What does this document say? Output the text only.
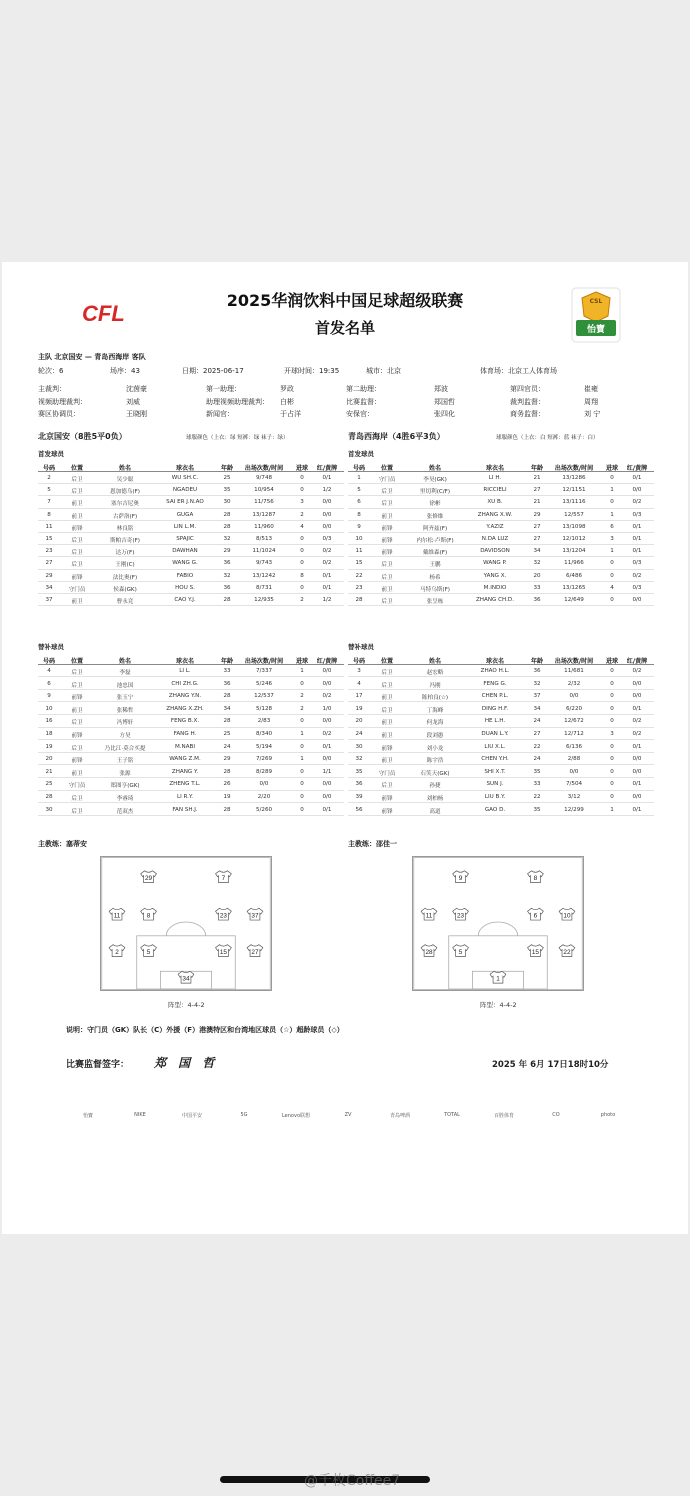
CFL
2025华润饮料中国足球超级联赛
首发名单
CSL
怡寶
主队 北京国安 — 青岛西海岸 客队
轮次：6	场序：43	日期：2025-06-17	开球时间：19:35	城市：北京	体育场：北京工人体育场
主裁判：	沈茵豪	第一助理：	罗政	第二助理：	郑波	第四官员：	崔雍
视频助理裁判：	刘威	助理视频助理裁判： 白彬	比赛监督：	郑国哲	裁判监督：	周翔
赛区协调员：	王晓刚	新闻官：	于占洋	安保官：	张四化	商务监督：	刘 宁
北京国安（8胜5平0负）	球服颜色（上衣：绿 短裤：绿 袜子：绿）
首发球员
青岛西海岸（4胜6平3负）	球服颜色（上衣：白 短裤：蓝 袜子：白）
首发球员
替补球员	替补球员
号码	位置	姓名	球衣名	年龄	出场次数/时间	进球	红/黄牌
2	后卫	吴少聪	WU SH.C.	25	9/748	0	0/1
5	后卫	恩加德乌(F)	NGADEU	35	10/954	0	1/2
7	前卫	塞尔吉尼奥	SAI ER J.N.AO	30	11/756	3	0/0
8	前卫	古萨洛(F)	GUGA	28	13/1287	2	0/0
11	前锋	林良铭	LIN L.M.	28	11/960	4	0/0
15	后卫	斯帕吉奇(F)	SPAJIC	32	8/513	0	0/3
23	后卫	达万(F)	DAWHAN	29	11/1024	0	0/2
27	后卫	王刚(C)	WANG G.	36	9/743	0	0/2
29	前锋	法比奥(F)	FABIO	32	13/1242	8	0/1
34	守门员	侯森(GK)	HOU S.	36	8/731	0	0/1
37	前卫	曹永竞	CAO Y.J.	28	12/935	2	1/2
号码	位置	姓名	球衣名	年龄	出场次数/时间	进球	红/黄牌
4	后卫	李磊	LI L.	33	7/337	1	0/0
6	后卫	池忠国	CHI ZH.G.	36	5/246	0	0/0
9	前锋	张玉宁	ZHANG Y.N.	28	12/537	2	0/2
10	前卫	张稀哲	ZHANG X.ZH.	34	5/128	2	1/0
16	后卫	冯博轩	FENG B.X.	28	2/83	0	0/0
18	前锋	方昊	FANG H.	25	8/340	1	0/2
19	后卫	乃比江·莫合买提	M.NABI	24	5/194	0	0/1
20	前锋	王子铭	WANG Z.M.	29	7/269	1	0/0
21	前卫	张源	ZHANG Y.	28	8/289	0	1/1
25	守门员	郑图亨(GK)	ZHENG T.L.	26	0/0	0	0/0
28	后卫	李睿琦	LI R.Y.	19	2/20	0	0/0
30	后卫	范双杰	FAN SH.J.	28	5/260	0	0/1
号码	位置	姓名	球衣名	年龄	出场次数/时间	进球	红/黄牌
1	守门员	李昊(GK)	LI H.	21	13/1286	0	0/1
5	后卫	里切利(C/F)	RICCIELI	27	12/1151	1	0/0
6	后卫	徐彬	XU B.	21	13/1116	0	0/2
8	前卫	张修维	ZHANG X.W.	29	12/557	1	0/3
9	前锋	阿齐兹(F)	Y.AZIZ	27	13/1098	6	0/1
10	前锋	内尔松·卢斯(F)	N.DA LUZ	27	12/1012	3	0/1
11	前锋	戴维森(F)	DAVIDSON	34	13/1204	1	0/1
15	后卫	王鹏	WANG P.	32	11/966	0	0/3
22	后卫	杨希	YANG X.	20	6/486	0	0/2
23	前卫	马特乌斯(F)	M.INDIO	33	13/1265	4	0/3
28	后卫	张呈栋	ZHANG CH.D.	36	12/649	0	0/0
号码	位置	姓名	球衣名	年龄	出场次数/时间	进球	红/黄牌
3	后卫	赵宏略	ZHAO H.L.	36	11/681	0	0/2
4	后卫	冯刚	FENG G.	32	2/32	0	0/0
17	前卫	陈柏良(☆)	CHEN P.L.	37	0/0	0	0/0
19	后卫	丁海峰	DING H.F.	34	6/220	0	0/1
20	前卫	何龙海	HE L.H.	24	12/672	0	0/2
24	前卫	段刘愚	DUAN L.Y.	27	12/712	3	0/2
30	前锋	刘小龙	LIU X.L.	22	6/136	0	0/1
32	前卫	陈宇浩	CHEN Y.H.	24	2/88	0	0/0
35	守门员	石笑天(GK)	SHI X.T.	35	0/0	0	0/0
36	后卫	孙捷	SUN J.	33	7/504	0	0/1
39	前锋	刘柏杨	LIU B.Y.	22	3/12	0	0/0
56	前锋	高道	GAO D.	35	12/299	1	0/1
主教练：塞蒂安	主教练：邵佳一
29	7
11	8	23	37
2	5	15	27
34
9	8
11	23	6	10
28	5	15	22
1
阵型：4-4-2	阵型：4-4-2
说明：守门员（GK）队长（C）外援（F）港澳特区和台湾地区球员（☆）超龄球员（◇）
比赛监督签字： 郑 国 哲	2025 年 6月 17日18时10分
怡寶	NIKE	中国平安	5G	Lenovo联想	ZV	青岛啤酒	TOTAL	百胜体育	CO	photo
@千枚Coffee7
